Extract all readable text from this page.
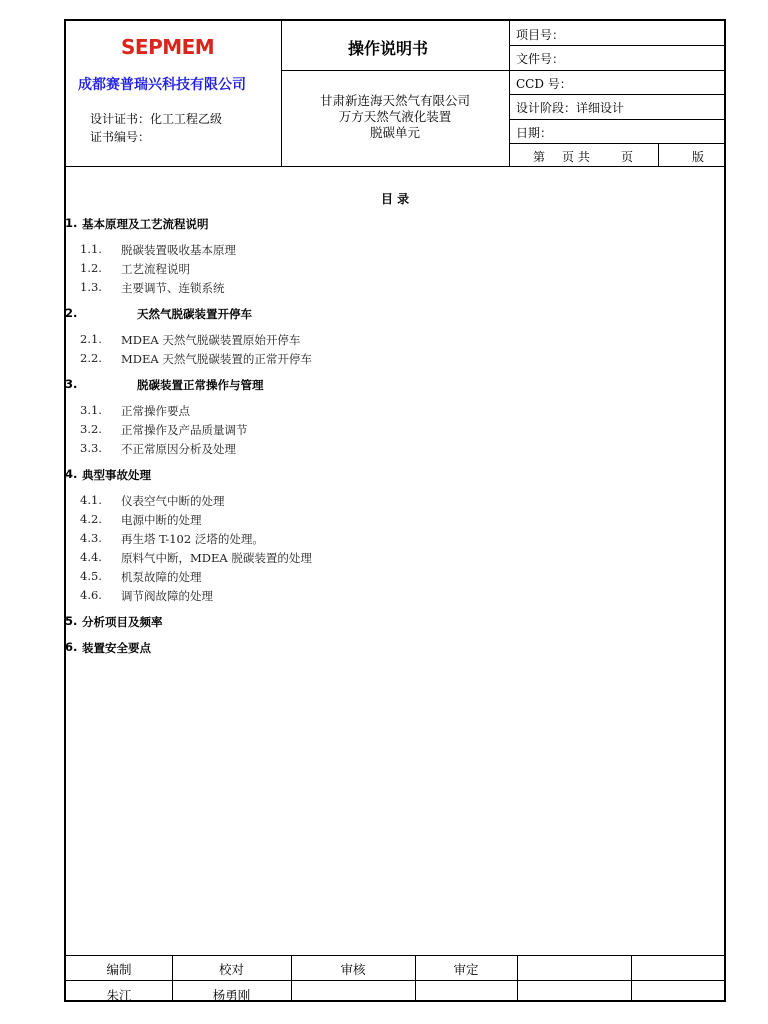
SEPMEM
成都赛普瑞兴科技有限公司
设计证书：化工工程乙级
证书编号：
操作说明书
甘肃新连海天然气有限公司
万方天然气液化装置
脱碳单元
项目号：
文件号：
CCD 号：
设计阶段：详细设计
日期：
第 页 共	页	版
目 录
1. 基本原理及工艺流程说明
1.1. 脱碳装置吸收基本原理
1.2. 工艺流程说明
1.3. 主要调节、连锁系统
2.	天然气脱碳装置开停车
2.1. MDEA 天然气脱碳装置原始开停车
2.2. MDEA 天然气脱碳装置的正常开停车
3.	脱碳装置正常操作与管理
3.1. 正常操作要点
3.2. 正常操作及产品质量调节
3.3. 不正常原因分析及处理
4. 典型事故处理
4.1. 仪表空气中断的处理
4.2. 电源中断的处理
4.3. 再生塔 T-102 泛塔的处理。
4.4. 原料气中断，MDEA 脱碳装置的处理
4.5. 机泵故障的处理
4.6. 调节阀故障的处理
5. 分析项目及频率
6. 装置安全要点
编制	校对	审核	审定
朱江	杨勇刚
